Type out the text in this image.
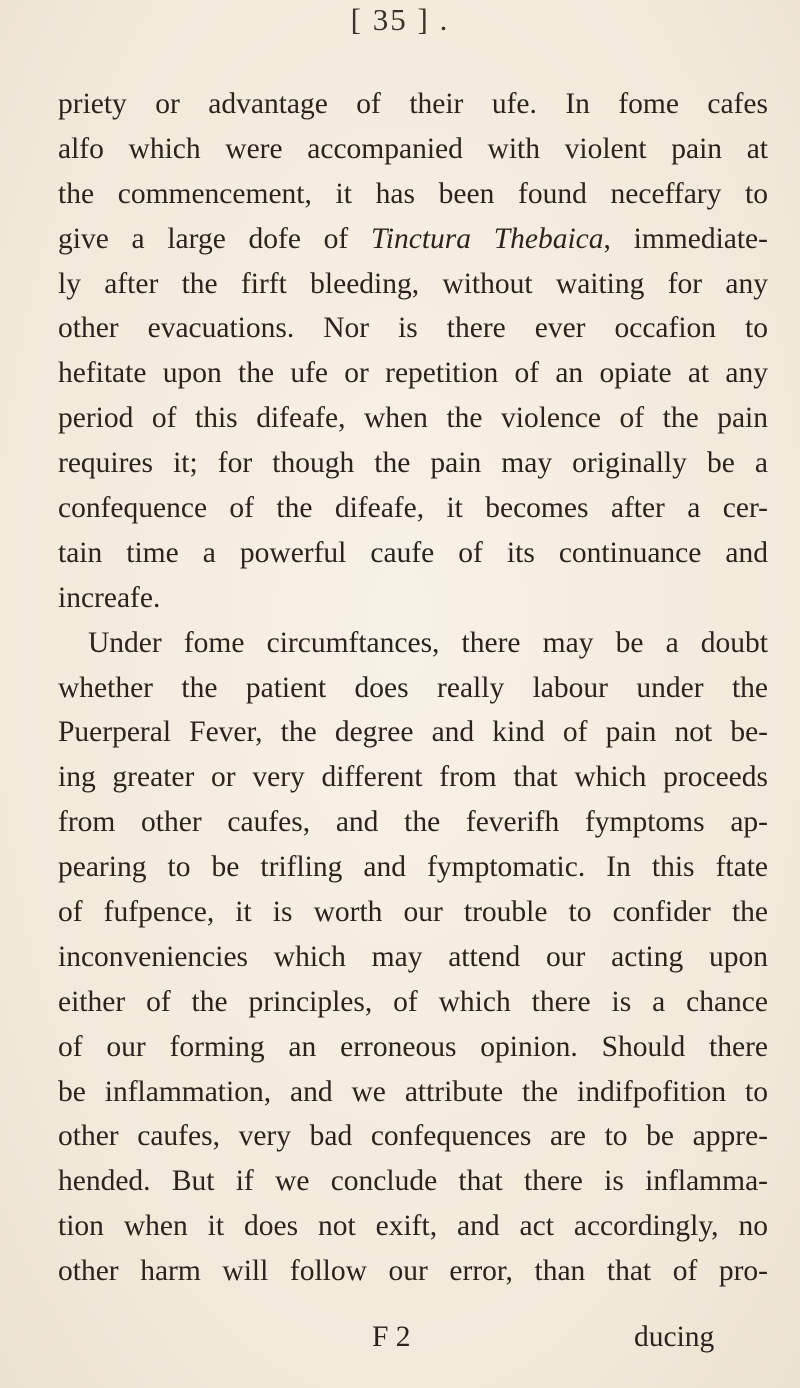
[ 35 ] .
priety or advantage of their ufe. In fome cafes
alfo which were accompanied with violent pain at
the commencement, it has been found neceffary to
give a large dofe of Tinctura Thebaica, immediate-
ly after the firft bleeding, without waiting for any
other evacuations. Nor is there ever occafion to
hefitate upon the ufe or repetition of an opiate at any
period of this difeafe, when the violence of the pain
requires it; for though the pain may originally be a
confequence of the difeafe, it becomes after a cer-
tain time a powerful caufe of its continuance and
increafe.
Under fome circumftances, there may be a doubt
whether the patient does really labour under the
Puerperal Fever, the degree and kind of pain not be-
ing greater or very different from that which proceeds
from other caufes, and the feverifh fymptoms ap-
pearing to be trifling and fymptomatic. In this ftate
of fufpence, it is worth our trouble to confider the
inconveniencies which may attend our acting upon
either of the principles, of which there is a chance
of our forming an erroneous opinion. Should there
be inflammation, and we attribute the indifpofition to
other caufes, very bad confequences are to be appre-
hended. But if we conclude that there is inflamma-
tion when it does not exift, and act accordingly, no
other harm will follow our error, than that of pro-
F 2	ducing
